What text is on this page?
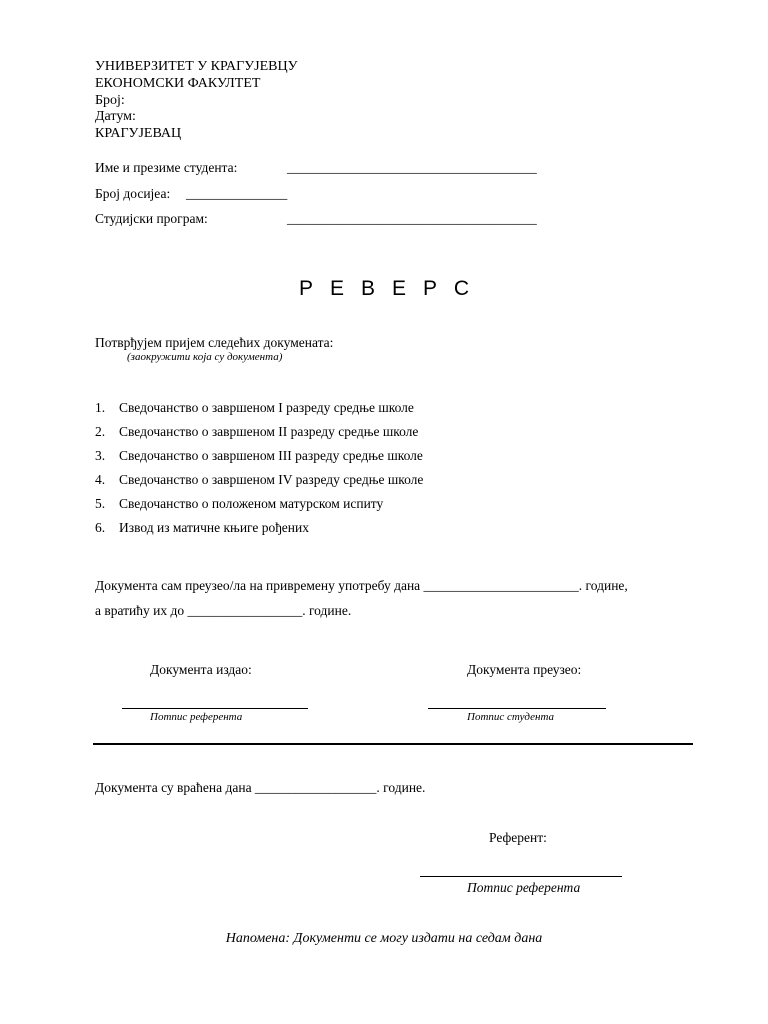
УНИВЕРЗИТЕТ У КРАГУЈЕВЦУ
ЕКОНОМСКИ ФАКУЛТЕТ
Број:
Датум:
КРАГУЈЕВАЦ
Име и презиме студента:	_____________________________________
Број досијеа: _______________
Студијски програм:	_____________________________________
РЕВЕРС
Потврђујем пријем следећих докумената:
(заокружити која су документа)
1. Сведочанство о завршеном I разреду средње школе
2. Сведочанство о завршеном II разреду средње школе
3. Сведочанство о завршеном III разреду средње школе
4. Сведочанство о завршеном IV разреду средње школе
5. Сведочанство о положеном матурском испиту
6. Извод из матичне књиге рођених
Документа сам преузео/ла на привремену употребу дана _______________________. године,
а вратићу их до _________________. године.
Документа издао:
Потпис референта
Документа преузео:
Потпис студента
Документа су враћена дана __________________. године.
Референт:
Потпис референта
Напомена: Документи се могу издати на седам дана
